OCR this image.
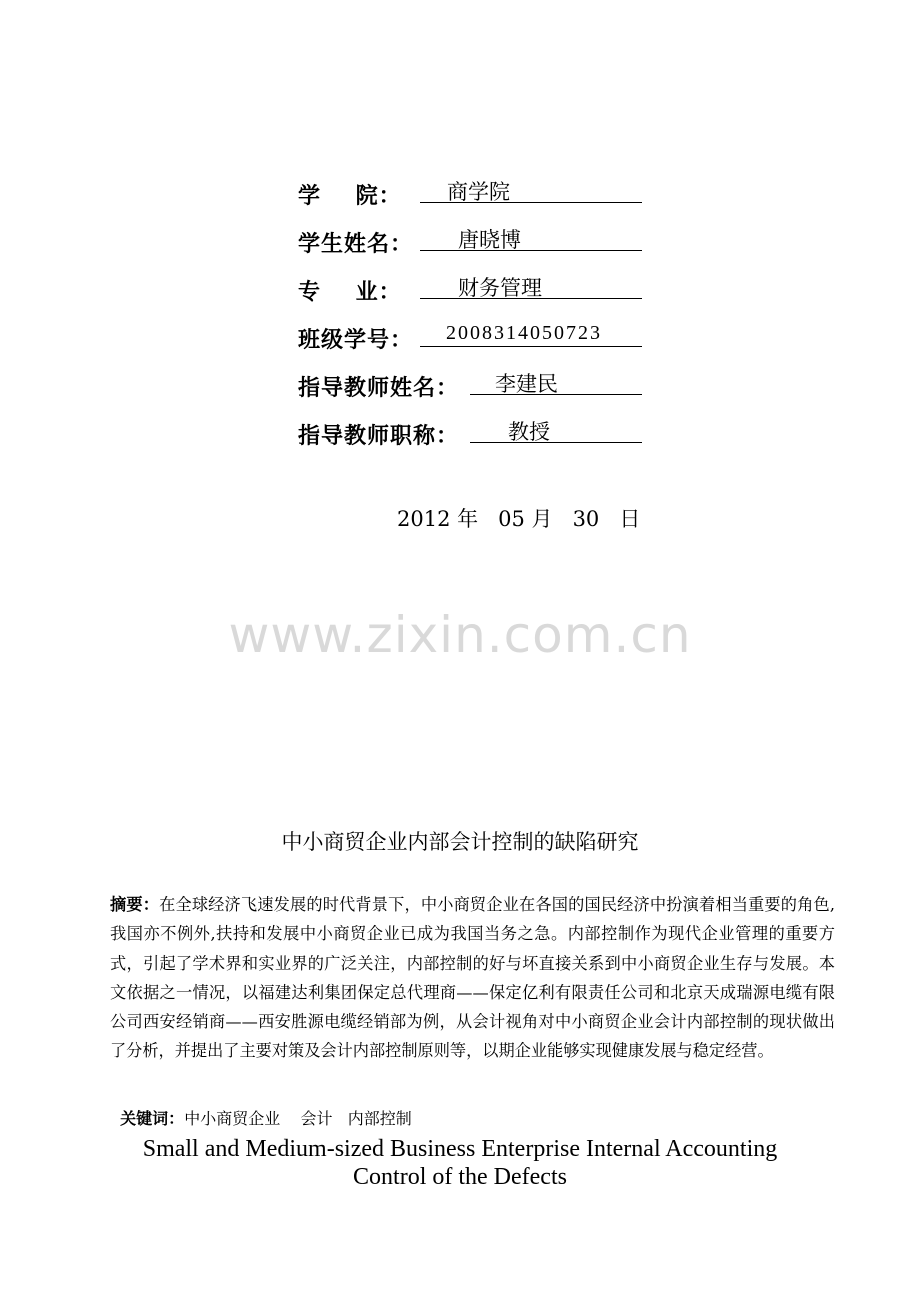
学    院： 商学院
学生姓名： 唐晓博
专    业：	财务管理
班级学号： 2008314050723
指导教师姓名： 李建民
指导教师职称： 教授
2012 年   05 月   30   日
www.zixin.com.cn
中小商贸企业内部会计控制的缺陷研究
摘要：在全球经济飞速发展的时代背景下，中小商贸企业在各国的国民经济中扮演着相当重要的角色,我国亦不例外,扶持和发展中小商贸企业已成为我国当务之急。内部控制作为现代企业管理的重要方式，引起了学术界和实业界的广泛关注，内部控制的好与坏直接关系到中小商贸企业生存与发展。本文依据之一情况，以福建达利集团保定总代理商——保定亿利有限责任公司和北京天成瑞源电缆有限公司西安经销商——西安胜源电缆经销部为例，从会计视角对中小商贸企业会计内部控制的现状做出了分析，并提出了主要对策及会计内部控制原则等，以期企业能够实现健康发展与稳定经营。

关键词：中小商贸企业    会计   内部控制

Small and Medium-sized Business Enterprise Internal Accounting
Control of the Defects
